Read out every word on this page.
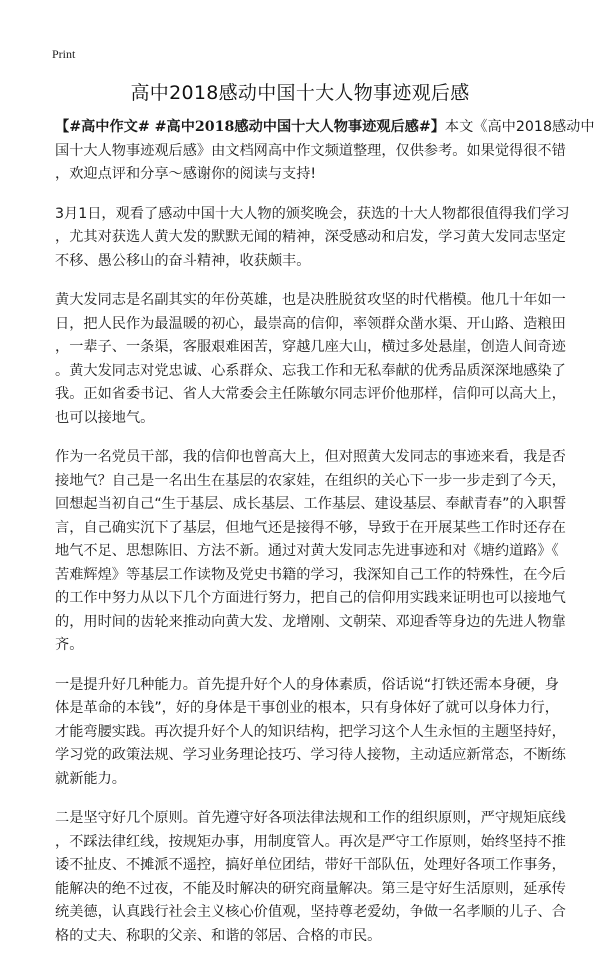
Print
高中2018感动中国十大人物事迹观后感
【#高中作文# #高中2018感动中国十大人物事迹观后感#】本文《高中2018感动中
国十大人物事迹观后感》由文档网高中作文频道整理，仅供参考。如果觉得很不错
，欢迎点评和分享～感谢你的阅读与支持!
3月1日，观看了感动中国十大人物的颁奖晚会，获选的十大人物都很值得我们学习
，尤其对获选人黄大发的默默无闻的精神，深受感动和启发，学习黄大发同志坚定
不移、愚公移山的奋斗精神，收获颇丰。
黄大发同志是名副其实的年份英雄，也是决胜脱贫攻坚的时代楷模。他几十年如一
日，把人民作为最温暖的初心，最崇高的信仰，率领群众凿水渠、开山路、造粮田
，一辈子、一条渠，客服艰难困苦，穿越几座大山，横过多处悬崖，创造人间奇迹
。黄大发同志对党忠诚、心系群众、忘我工作和无私奉献的优秀品质深深地感染了
我。正如省委书记、省人大常委会主任陈敏尔同志评价他那样，信仰可以高大上，
也可以接地气。
作为一名党员干部，我的信仰也曾高大上，但对照黄大发同志的事迹来看，我是否
接地气？自己是一名出生在基层的农家娃，在组织的关心下一步一步走到了今天，
回想起当初自己“生于基层、成长基层、工作基层、建设基层、奉献青春”的入职誓
言，自己确实沉下了基层，但地气还是接得不够，导致于在开展某些工作时还存在
地气不足、思想陈旧、方法不新。通过对黄大发同志先进事迹和对《塘约道路》《
苦难辉煌》等基层工作读物及党史书籍的学习，我深知自己工作的特殊性，在今后
的工作中努力从以下几个方面进行努力，把自己的信仰用实践来证明也可以接地气
的，用时间的齿轮来推动向黄大发、龙增刚、文朝荣、邓迎香等身边的先进人物靠
齐。
一是提升好几种能力。首先提升好个人的身体素质，俗话说“打铁还需本身硬，身
体是革命的本钱”，好的身体是干事创业的根本，只有身体好了就可以身体力行，
才能弯腰实践。再次提升好个人的知识结构，把学习这个人生永恒的主题坚持好，
学习党的政策法规、学习业务理论技巧、学习待人接物，主动适应新常态，不断练
就新能力。
二是坚守好几个原则。首先遵守好各项法律法规和工作的组织原则，严守规矩底线
，不踩法律红线，按规矩办事，用制度管人。再次是严守工作原则，始终坚持不推
诿不扯皮、不摊派不遥控，搞好单位团结，带好干部队伍，处理好各项工作事务，
能解决的绝不过夜，不能及时解决的研究商量解决。第三是守好生活原则，延承传
统美德，认真践行社会主义核心价值观，坚持尊老爱幼，争做一名孝顺的儿子、合
格的丈夫、称职的父亲、和谐的邻居、合格的市民。
